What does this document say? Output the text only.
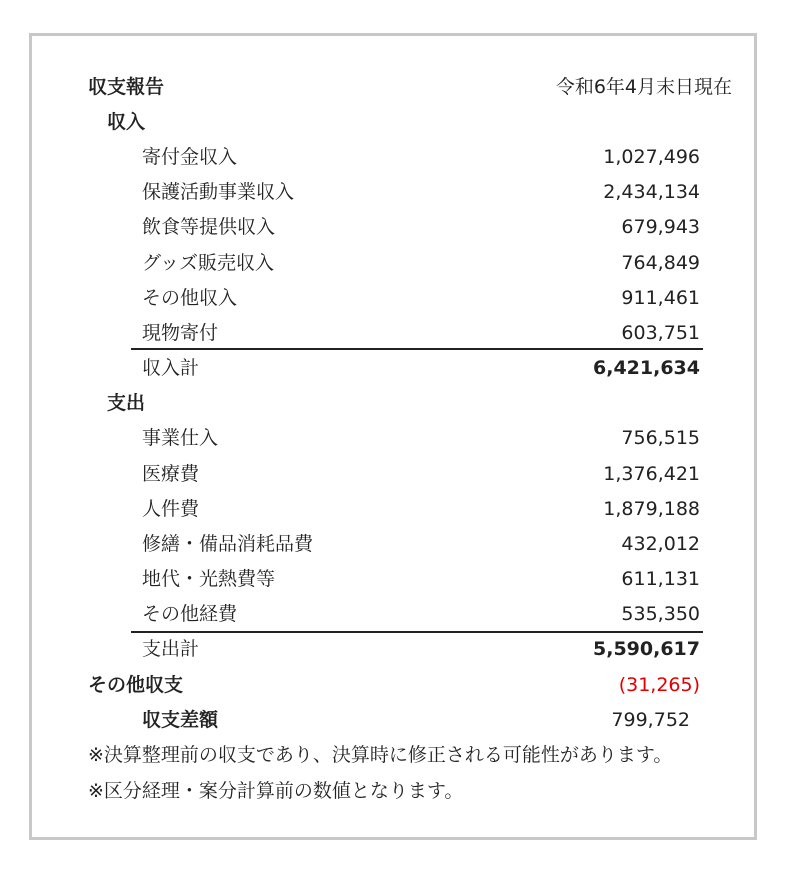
収支報告	令和6年4月末日現在
収入
寄付金収入	1,027,496
保護活動事業収入	2,434,134
飲食等提供収入	679,943
グッズ販売収入	764,849
その他収入	911,461
現物寄付	603,751
収入計	6,421,634
支出
事業仕入	756,515
医療費	1,376,421
人件費	1,879,188
修繕・備品消耗品費	432,012
地代・光熱費等	611,131
その他経費	535,350
支出計	5,590,617
その他収支	(31,265)
収支差額	799,752
※決算整理前の収支であり、決算時に修正される可能性があります。
※区分経理・案分計算前の数値となります。
